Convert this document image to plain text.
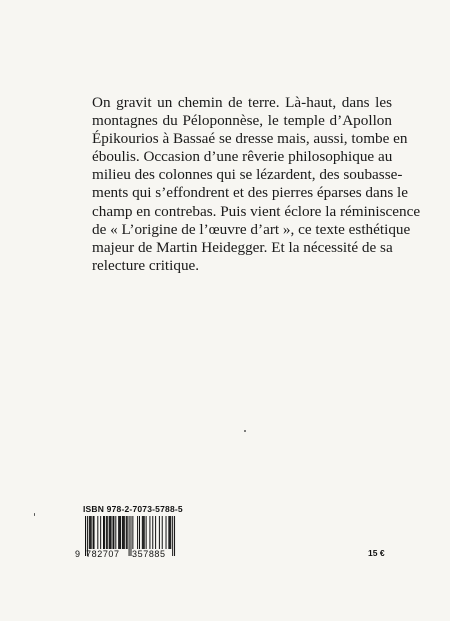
On gravit un chemin de terre. Là-haut, dans les
montagnes du Péloponnèse, le temple d’Apollon
Épikourios à Bassaé se dresse mais, aussi, tombe en
éboulis. Occasion d’une rêverie philosophique au
milieu des colonnes qui se lézardent, des soubasse-
ments qui s’effondrent et des pierres éparses dans le
champ en contrebas. Puis vient éclore la réminiscence
de « L’origine de l’œuvre d’art », ce texte esthétique
majeur de Martin Heidegger. Et la nécessité de sa
relecture critique.
ISBN 978-2-7073-5788-5
9 782707 357885	15 €
